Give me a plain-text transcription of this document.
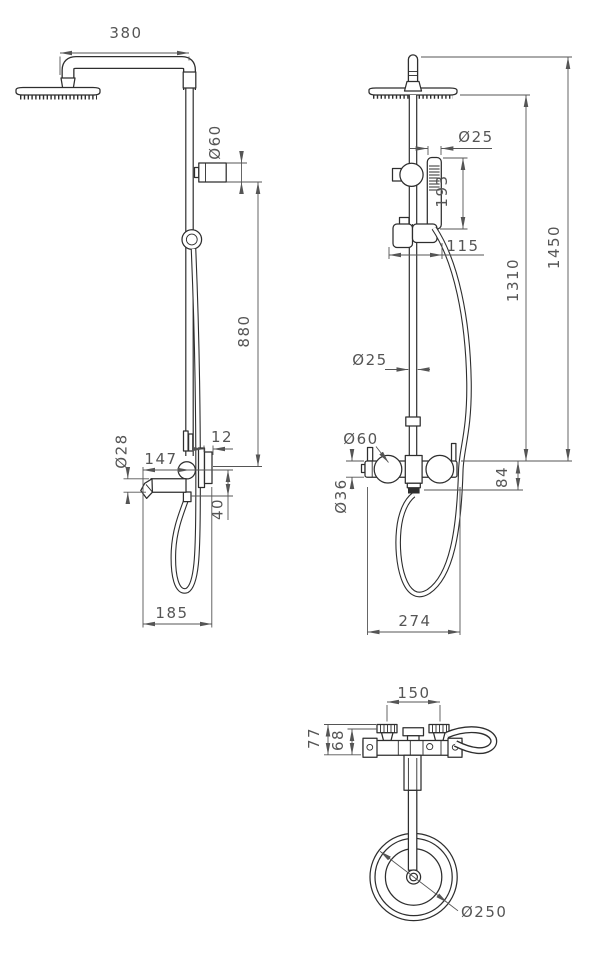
380
Ø60
880
12
Ø28 147
40
185
Ø25
193
115
1310
1450
84
Ø25
Ø60
Ø36
274
150
77 68
Ø250
